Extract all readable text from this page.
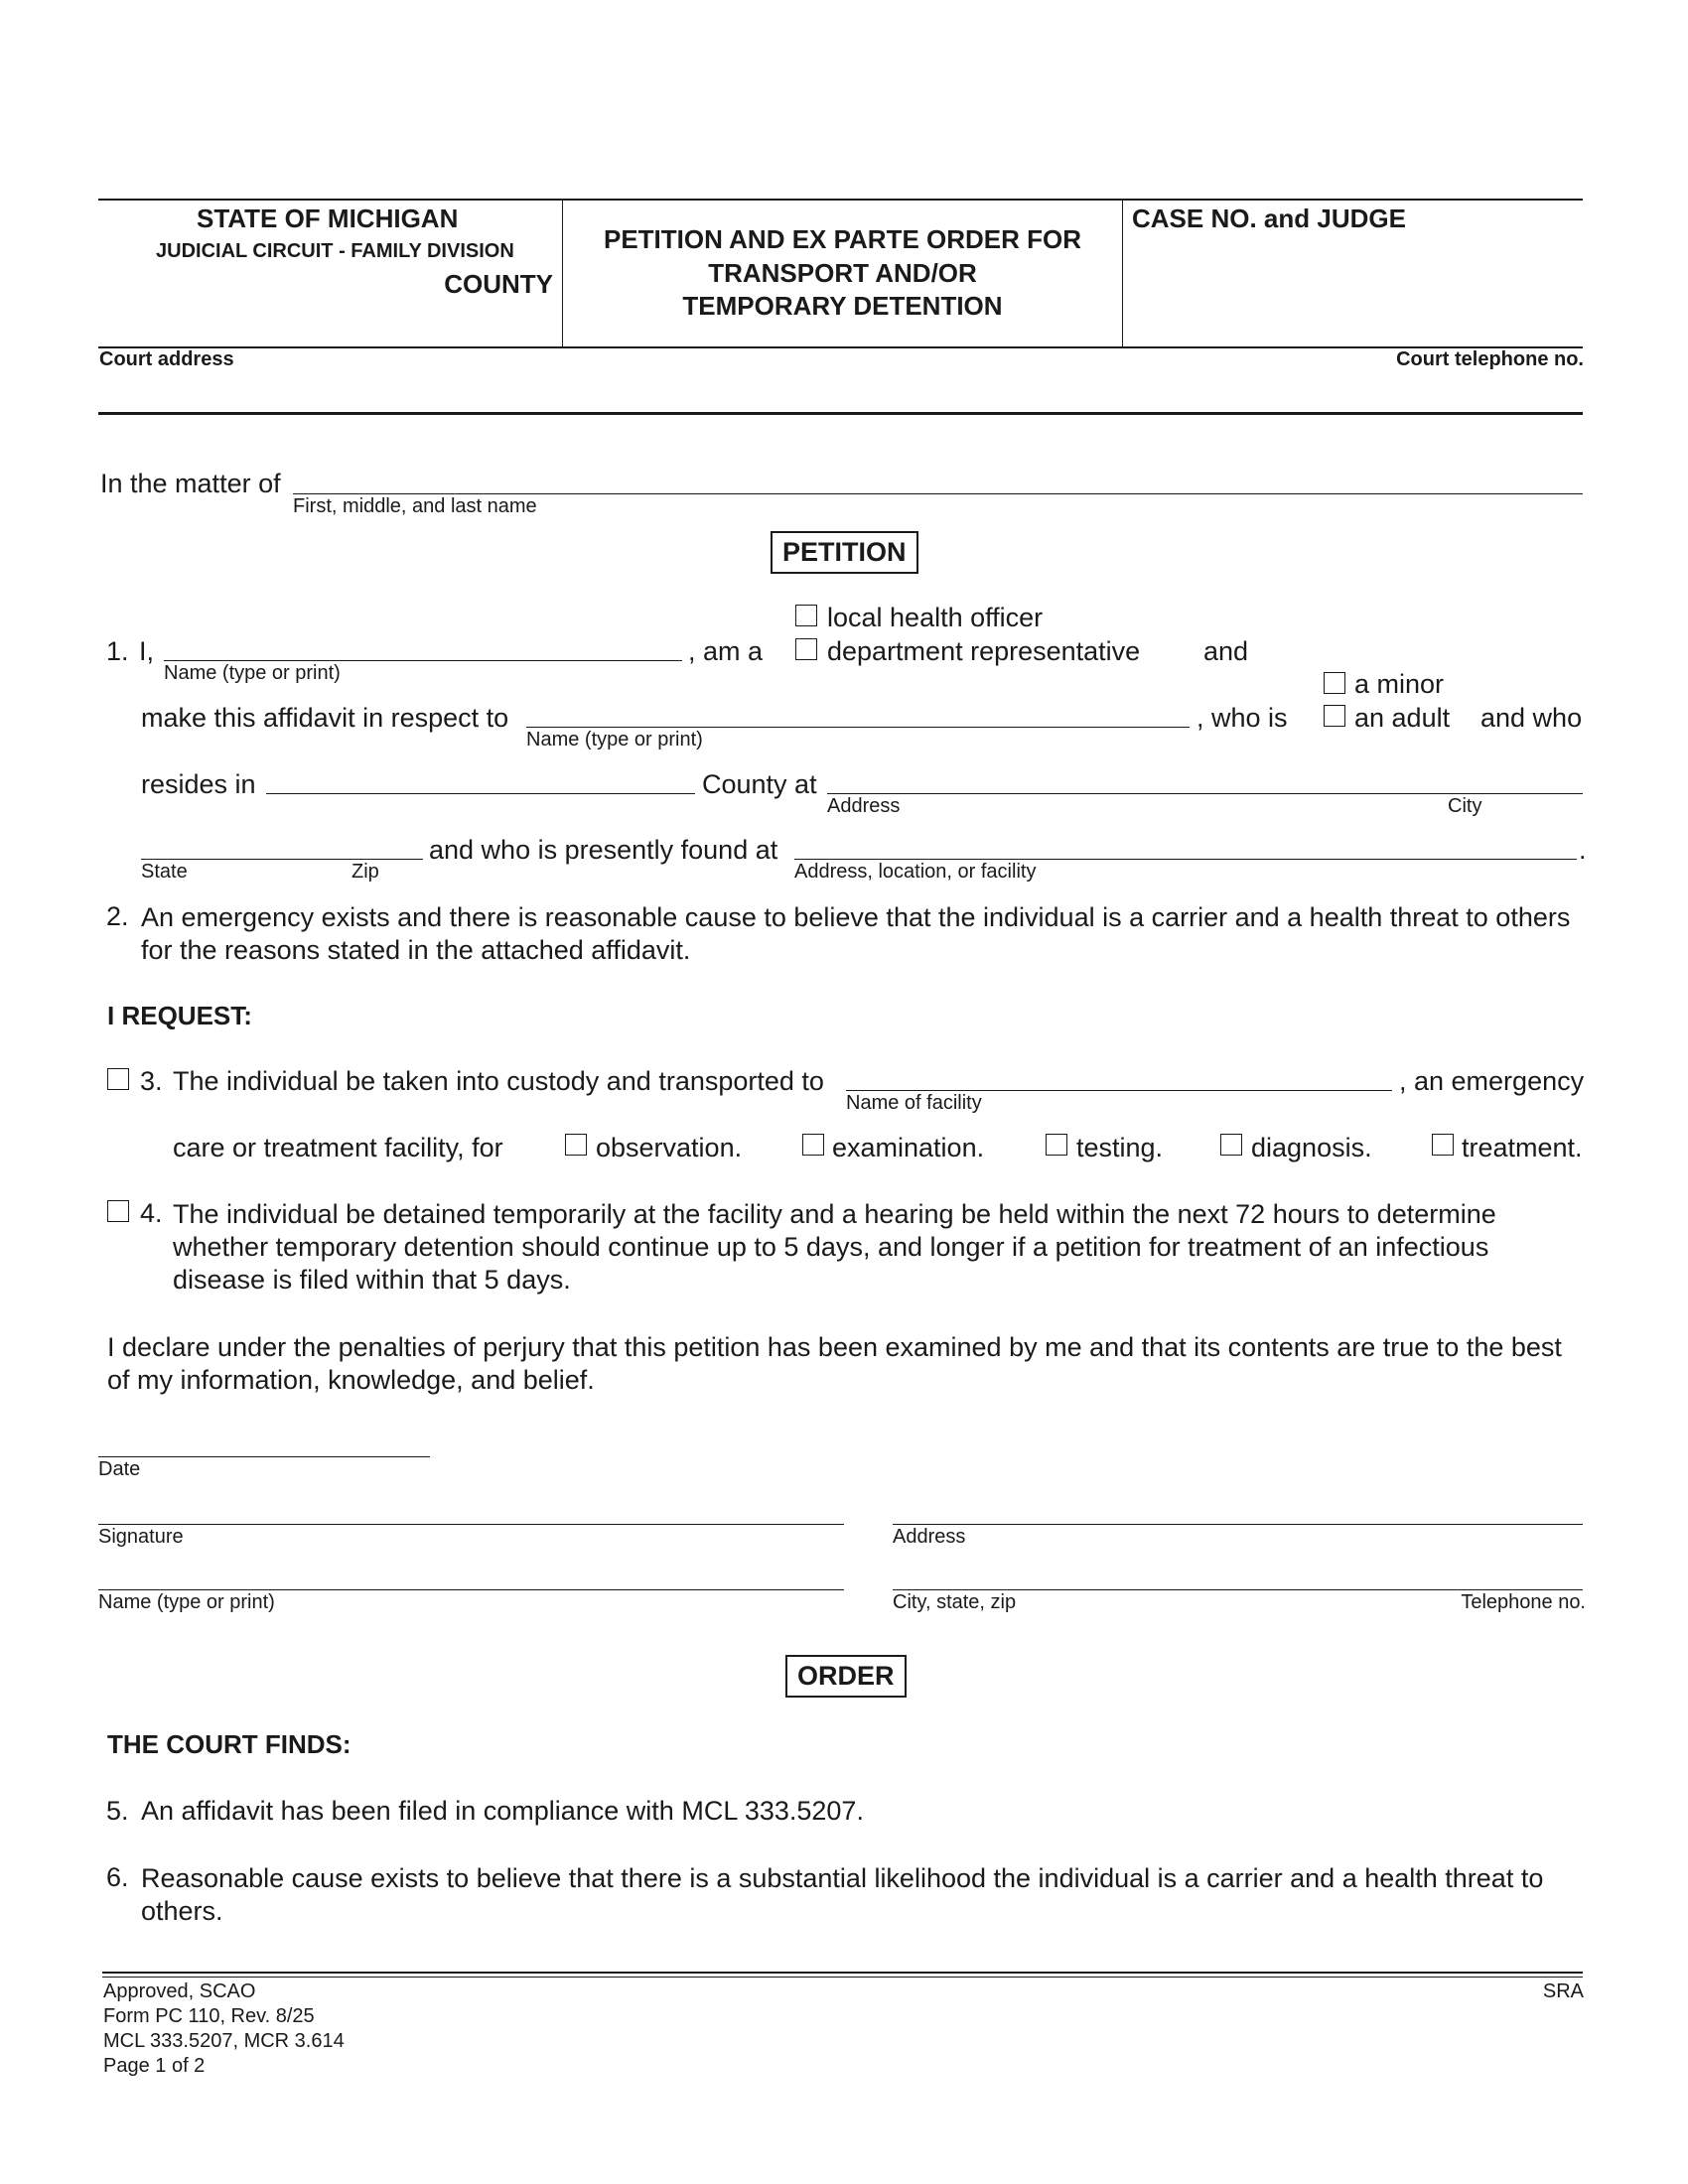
STATE OF MICHIGAN
JUDICIAL CIRCUIT - FAMILY DIVISION
COUNTY
PETITION AND EX PARTE ORDER FOR
TRANSPORT AND/OR
TEMPORARY DETENTION
CASE NO. and JUDGE
Court address	Court telephone no.
In the matter of
First, middle, and last name
PETITION
local health officer
1. I,
Name (type or print)
, am a department representative and
a minor
make this affidavit in respect to
Name (type or print)
, who is an adult and who
resides in	County at
Address	City
State	Zip
and who is presently found at
Address, location, or facility
.
2. An emergency exists and there is reasonable cause to believe that the individual is a carrier and a health threat to others for the reasons stated in the attached affidavit.
I REQUEST:
3. The individual be taken into custody and transported to
Name of facility
, an emergency
care or treatment facility, for	observation.	examination.	testing.	diagnosis.	treatment.
4. The individual be detained temporarily at the facility and a hearing be held within the next 72 hours to determine whether temporary detention should continue up to 5 days, and longer if a petition for treatment of an infectious disease is filed within that 5 days.
I declare under the penalties of perjury that this petition has been examined by me and that its contents are true to the best of my information, knowledge, and belief.
Date
Signature	Address
Name (type or print)	City, state, zip	Telephone no.
ORDER
THE COURT FINDS:
5. An affidavit has been filed in compliance with MCL 333.5207.
6. Reasonable cause exists to believe that there is a substantial likelihood the individual is a carrier and a health threat to others.
Approved, SCAO
Form PC 110, Rev. 8/25
MCL 333.5207, MCR 3.614
Page 1 of 2
SRA
